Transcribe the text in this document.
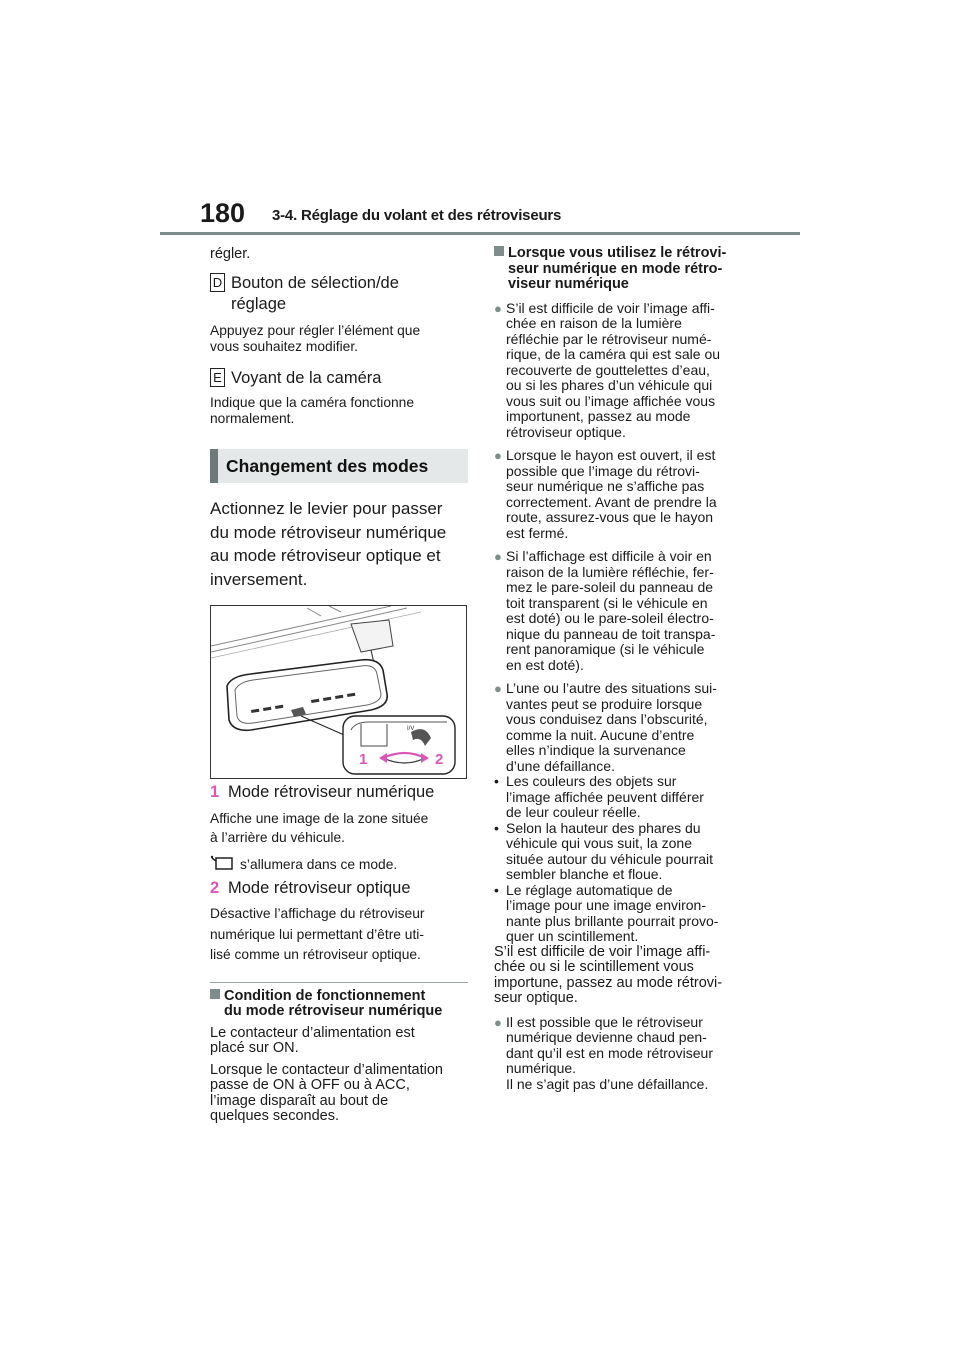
180 3-4. Réglage du volant et des rétroviseurs
régler.
D Bouton de sélection/de
réglage
Appuyez pour régler l’élément que
vous souhaitez modifier.
E Voyant de la caméra
Indique que la caméra fonctionne
normalement.
Changement des modes
Actionnez le levier pour passer
du mode rétroviseur numérique
au mode rétroviseur optique et
inversement.
I/V
1	2
1 Mode rétroviseur numérique
Affiche une image de la zone située
à l’arrière du véhicule.
s’allumera dans ce mode.
2 Mode rétroviseur optique
Désactive l’affichage du rétroviseur
numérique lui permettant d’être uti-
lisé comme un rétroviseur optique.
Condition de fonctionnement
du mode rétroviseur numérique
Le contacteur d’alimentation est
placé sur ON.
Lorsque le contacteur d’alimentation
passe de ON à OFF ou à ACC,
l’image disparaît au bout de
quelques secondes.
Lorsque vous utilisez le rétrovi-
seur numérique en mode rétro-
viseur numérique
● S’il est difficile de voir l’image affi-
chée en raison de la lumière
réfléchie par le rétroviseur numé-
rique, de la caméra qui est sale ou
recouverte de gouttelettes d’eau,
ou si les phares d’un véhicule qui
vous suit ou l’image affichée vous
importunent, passez au mode
rétroviseur optique.
● Lorsque le hayon est ouvert, il est
possible que l’image du rétrovi-
seur numérique ne s’affiche pas
correctement. Avant de prendre la
route, assurez-vous que le hayon
est fermé.
● Si l’affichage est difficile à voir en
raison de la lumière réfléchie, fer-
mez le pare-soleil du panneau de
toit transparent (si le véhicule en
est doté) ou le pare-soleil électro-
nique du panneau de toit transpa-
rent panoramique (si le véhicule
en est doté).
● L’une ou l’autre des situations sui-
vantes peut se produire lorsque
vous conduisez dans l’obscurité,
comme la nuit. Aucune d’entre
elles n’indique la survenance
d’une défaillance.
• Les couleurs des objets sur
l’image affichée peuvent différer
de leur couleur réelle.
• Selon la hauteur des phares du
véhicule qui vous suit, la zone
située autour du véhicule pourrait
sembler blanche et floue.
• Le réglage automatique de
l’image pour une image environ-
nante plus brillante pourrait provo-
quer un scintillement.
S’il est difficile de voir l’image affi-
chée ou si le scintillement vous
importune, passez au mode rétrovi-
seur optique.
● Il est possible que le rétroviseur
numérique devienne chaud pen-
dant qu’il est en mode rétroviseur
numérique.
Il ne s’agit pas d’une défaillance.
